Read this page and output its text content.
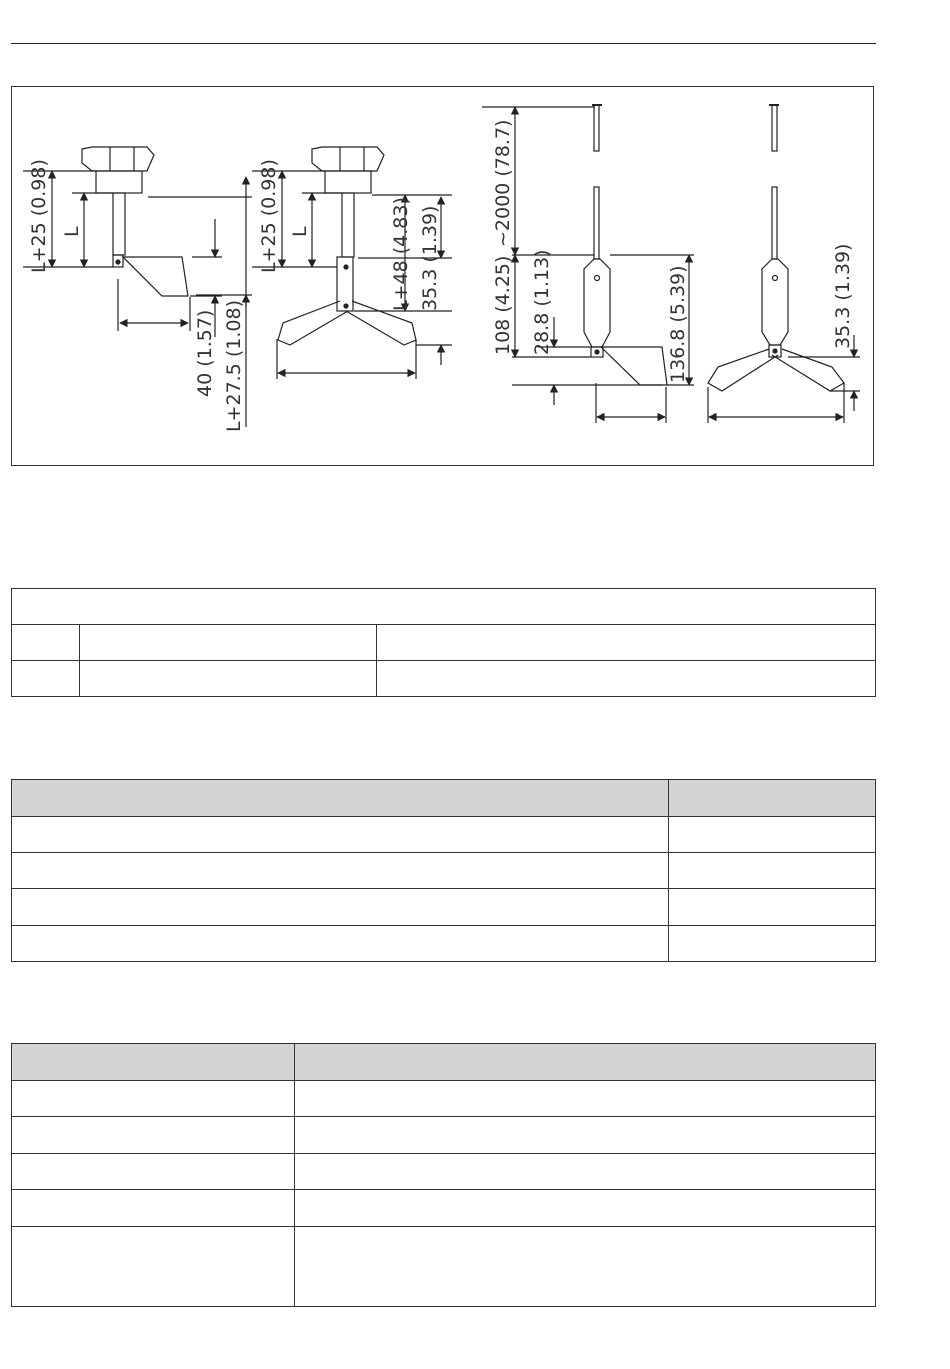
L+25 (0.98) L
40 (1.57) L+27.5 (1.08)
L+25 (0.98) L	L+48 (4.83) 35.3 (1.39)
~2000 (78.7)
108 (4.25) 28.8 (1.13)	136.8 (5.39)	35.3 (1.39)
